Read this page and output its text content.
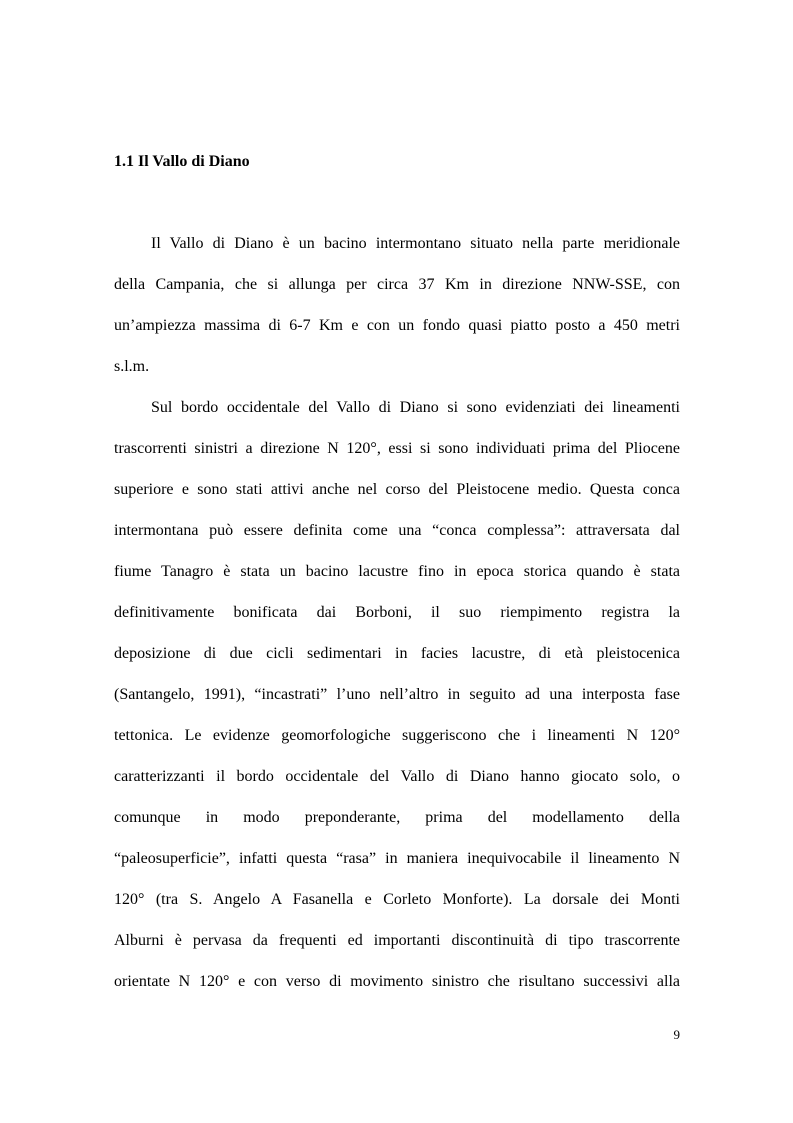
1.1 Il Vallo di Diano
Il Vallo di Diano è un bacino intermontano situato nella parte meridionale
della Campania, che si allunga per circa 37 Km in direzione NNW-SSE, con
un’ampiezza massima di 6-7 Km e con un fondo quasi piatto posto a 450 metri
s.l.m.
Sul bordo occidentale del Vallo di Diano si sono evidenziati dei lineamenti
trascorrenti sinistri a direzione N 120°, essi si sono individuati prima del Pliocene
superiore e sono stati attivi anche nel corso del Pleistocene medio. Questa conca
intermontana può essere definita come una “conca complessa”: attraversata dal
fiume Tanagro è stata un bacino lacustre fino in epoca storica quando è stata
definitivamente bonificata dai Borboni, il suo riempimento registra la
deposizione di due cicli sedimentari in facies lacustre, di età pleistocenica
(Santangelo, 1991), “incastrati” l’uno nell’altro in seguito ad una interposta fase
tettonica. Le evidenze geomorfologiche suggeriscono che i lineamenti N 120°
caratterizzanti il bordo occidentale del Vallo di Diano hanno giocato solo, o
comunque in modo preponderante, prima del modellamento della
“paleosuperficie”, infatti questa “rasa” in maniera inequivocabile il lineamento N
120° (tra S. Angelo A Fasanella e Corleto Monforte). La dorsale dei Monti
Alburni è pervasa da frequenti ed importanti discontinuità di tipo trascorrente
orientate N 120° e con verso di movimento sinistro che risultano successivi alla
9
